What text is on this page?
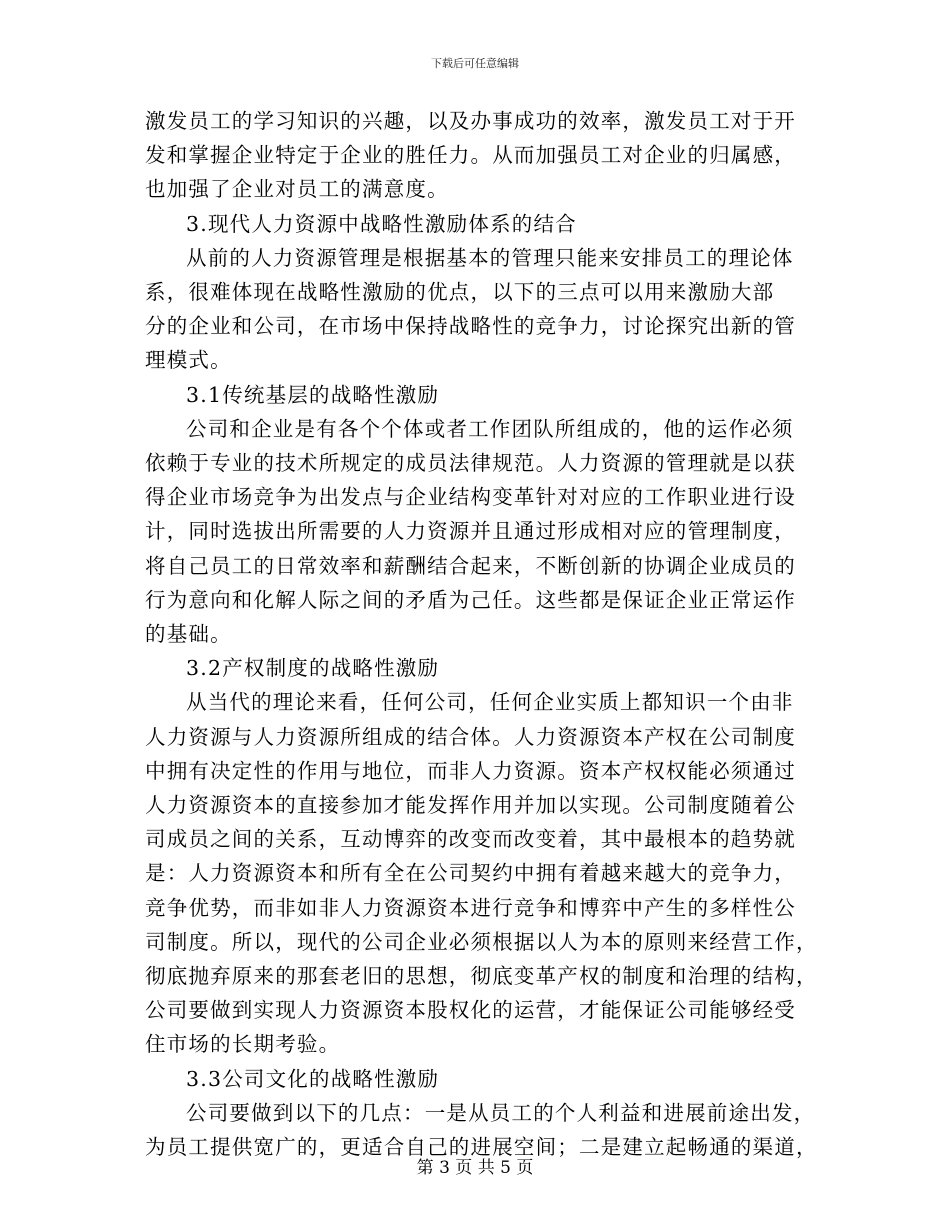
下载后可任意编辑
激发员工的学习知识的兴趣，以及办事成功的效率，激发员工对于开
发和掌握企业特定于企业的胜任力。从而加强员工对企业的归属感，
也加强了企业对员工的满意度。
3.现代人力资源中战略性激励体系的结合
从前的人力资源管理是根据基本的管理只能来安排员工的理论体
系，很难体现在战略性激励的优点，以下的三点可以用来激励大部
分的企业和公司，在市场中保持战略性的竞争力，讨论探究出新的管
理模式。
3.1传统基层的战略性激励
公司和企业是有各个个体或者工作团队所组成的，他的运作必须
依赖于专业的技术所规定的成员法律规范。人力资源的管理就是以获
得企业市场竞争为出发点与企业结构变革针对对应的工作职业进行设
计，同时选拔出所需要的人力资源并且通过形成相对应的管理制度，
将自己员工的日常效率和薪酬结合起来，不断创新的协调企业成员的
行为意向和化解人际之间的矛盾为己任。这些都是保证企业正常运作
的基础。
3.2产权制度的战略性激励
从当代的理论来看，任何公司，任何企业实质上都知识一个由非
人力资源与人力资源所组成的结合体。人力资源资本产权在公司制度
中拥有决定性的作用与地位，而非人力资源。资本产权权能必须通过
人力资源资本的直接参加才能发挥作用并加以实现。公司制度随着公
司成员之间的关系，互动博弈的改变而改变着，其中最根本的趋势就
是：人力资源资本和所有全在公司契约中拥有着越来越大的竞争力，
竞争优势，而非如非人力资源资本进行竞争和博弈中产生的多样性公
司制度。所以，现代的公司企业必须根据以人为本的原则来经营工作，
彻底抛弃原来的那套老旧的思想，彻底变革产权的制度和治理的结构，
公司要做到实现人力资源资本股权化的运营，才能保证公司能够经受
住市场的长期考验。
3.3公司文化的战略性激励
公司要做到以下的几点：一是从员工的个人利益和进展前途出发，
为员工提供宽广的，更适合自己的进展空间；二是建立起畅通的渠道，
第 3 页 共 5 页
